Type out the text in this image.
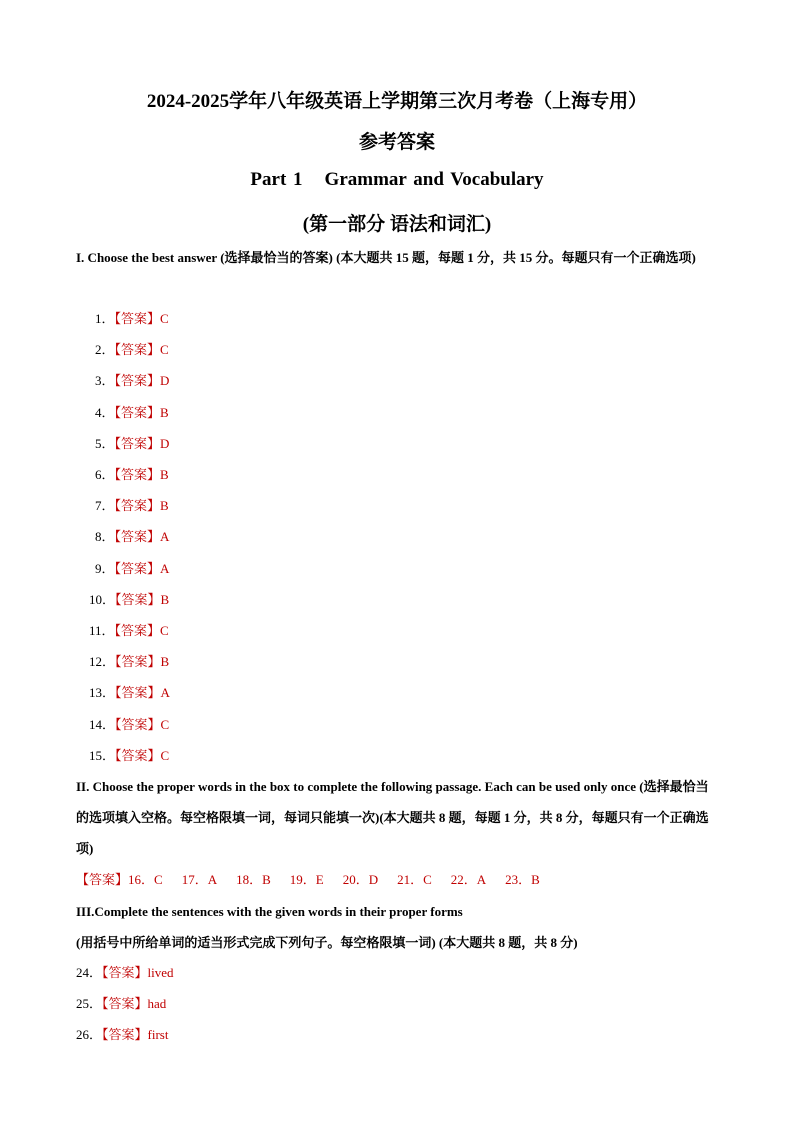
2024-2025学年八年级英语上学期第三次月考卷（上海专用）
参考答案
Part 1 Grammar and Vocabulary
(第一部分 语法和词汇)
I. Choose the best answer (选择最恰当的答案) (本大题共 15 题，每题 1 分，共 15 分。每题只有一个正确选项)
1．【答案】C
2．【答案】C
3．【答案】D
4．【答案】B
5．【答案】D
6．【答案】B
7．【答案】B
8．【答案】A
9．【答案】A
10．【答案】B
11．【答案】C
12．【答案】B
13．【答案】A
14．【答案】C
15．【答案】C
II. Choose the proper words in the box to complete the following passage. Each can be used only once (选择最恰当的选项填入空格。每空格限填一词，每词只能填一次)(本大题共 8 题，每题 1 分，共 8 分，每题只有一个正确选项)
【答案】16．C 17．A 18．B 19．E 20．D 21．C 22．A 23．B
III.Complete the sentences with the given words in their proper forms
(用括号中所给单词的适当形式完成下列句子。每空格限填一词) (本大题共 8 题，共 8 分)
24．【答案】lived
25．【答案】had
26．【答案】first
